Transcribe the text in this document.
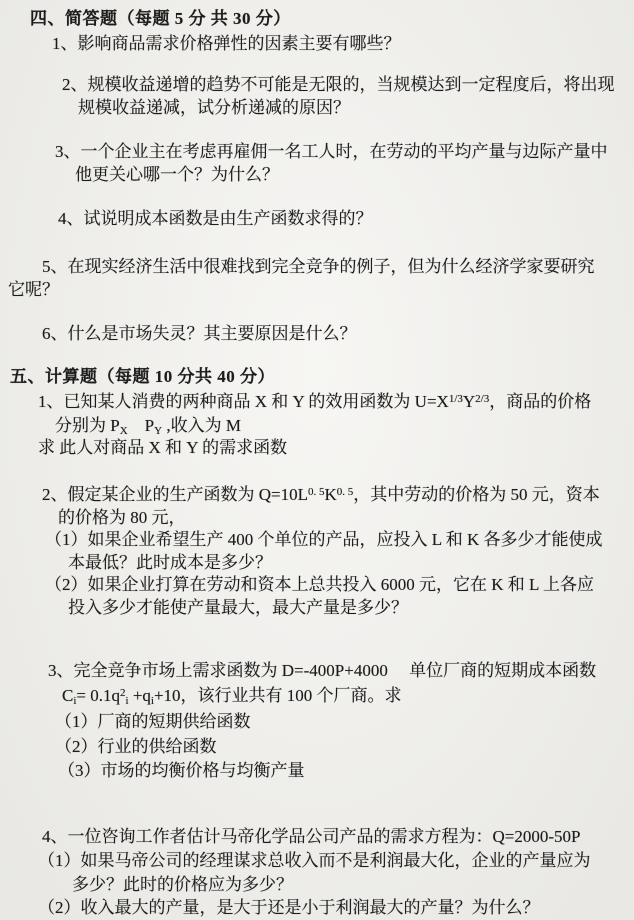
四、简答题（每题 5 分 共 30 分）
1、影响商品需求价格弹性的因素主要有哪些？
2、规模收益递增的趋势不可能是无限的，当规模达到一定程度后，将出现
规模收益递减，试分析递减的原因？
3、一个企业主在考虑再雇佣一名工人时，在劳动的平均产量与边际产量中
他更关心哪一个？为什么？
4、试说明成本函数是由生产函数求得的？
5、在现实经济生活中很难找到完全竞争的例子，但为什么经济学家要研究
它呢？
6、什么是市场失灵？其主要原因是什么？
五、计算题（每题 10 分共 40 分）
1、已知某人消费的两种商品 X 和 Y 的效用函数为 $U=X^{1/3}Y^{2/3}$，商品的价格
分别为 $P_X$　$P_Y$ ,收入为 M
求 此人对商品 X 和 Y 的需求函数
2、假定某企业的生产函数为 $Q=10L^{0. 5}K^{0. 5}$，其中劳动的价格为 50 元，资本
的价格为 80 元，
（1）如果企业希望生产 400 个单位的产品，应投入 L 和 K 各多少才能使成
本最低？此时成本是多少？
（2）如果企业打算在劳动和资本上总共投入 6000 元，它在 K 和 L 上各应
投入多少才能使产量最大，最大产量是多少？
3、完全竞争市场上需求函数为 D=-400P+4000　 单位厂商的短期成本函数
$C_i= 0.1q^2_i +q_i+10$，该行业共有 100 个厂商。求
（1）厂商的短期供给函数
（2）行业的供给函数
（3）市场的均衡价格与均衡产量
4、一位咨询工作者估计马帝化学品公司产品的需求方程为：Q=2000-50P
（1）如果马帝公司的经理谋求总收入而不是利润最大化，企业的产量应为
多少？此时的价格应为多少？
（2）收入最大的产量，是大于还是小于利润最大的产量？为什么？
